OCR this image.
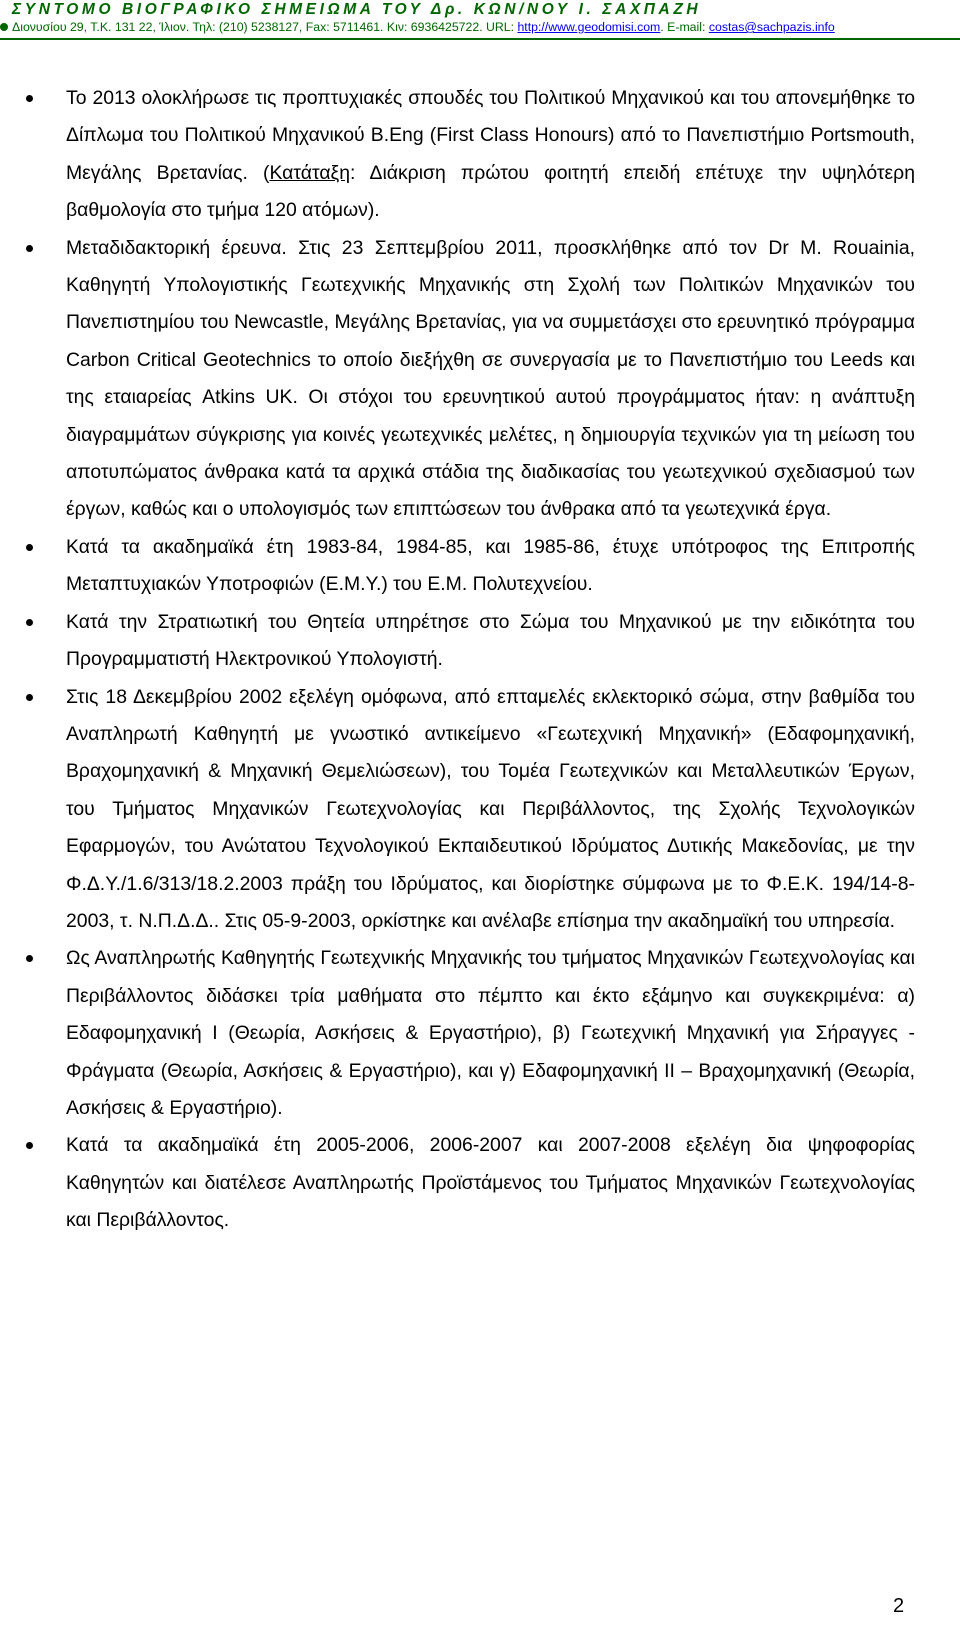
ΣΥΝΤΟΜΟ ΒΙΟΓΡΑΦΙΚΟ ΣΗΜΕΙΩΜΑ ΤΟΥ Δρ. ΚΩΝ/ΝΟΥ Ι. ΣΑΧΠΑΖΗ
Διονυσίου 29, Τ.Κ. 131 22, Ίλιον. Τηλ: (210) 5238127, Fax: 5711461. Κιν: 6936425722. URL: http://www.geodomisi.com. E-mail: costas@sachpazis.info
Το 2013 ολοκλήρωσε τις προπτυχιακές σπουδές του Πολιτικού Μηχανικού και του απονεμήθηκε το Δίπλωμα του Πολιτικού Μηχανικού B.Eng (First Class Honours) από το Πανεπιστήμιο Portsmouth, Μεγάλης Βρετανίας. (Κατάταξη: Διάκριση πρώτου φοιτητή επειδή επέτυχε την υψηλότερη βαθμολογία στο τμήμα 120 ατόμων).
Μεταδιδακτορική έρευνα. Στις 23 Σεπτεμβρίου 2011, προσκλήθηκε από τον Dr M. Rouainia, Καθηγητή Υπολογιστικής Γεωτεχνικής Μηχανικής στη Σχολή των Πολιτικών Μηχανικών του Πανεπιστημίου του Newcastle, Μεγάλης Βρετανίας, για να συμμετάσχει στο ερευνητικό πρόγραμμα Carbon Critical Geotechnics το οποίο διεξήχθη σε συνεργασία με το Πανεπιστήμιο του Leeds και της εταιαρείας Atkins UK. Οι στόχοι του ερευνητικού αυτού προγράμματος ήταν: η ανάπτυξη διαγραμμάτων σύγκρισης για κοινές γεωτεχνικές μελέτες, η δημιουργία τεχνικών για τη μείωση του αποτυπώματος άνθρακα κατά τα αρχικά στάδια της διαδικασίας του γεωτεχνικού σχεδιασμού των έργων, καθώς και ο υπολογισμός των επιπτώσεων του άνθρακα από τα γεωτεχνικά έργα.
Κατά τα ακαδημαϊκά έτη 1983-84, 1984-85, και 1985-86, έτυχε υπότροφος της Επιτροπής Μεταπτυχιακών Υποτροφιών (Ε.Μ.Υ.) του Ε.Μ. Πολυτεχνείου.
Κατά την Στρατιωτική του Θητεία υπηρέτησε στο Σώμα του Μηχανικού με την ειδικότητα του Προγραμματιστή Ηλεκτρονικού Υπολογιστή.
Στις 18 Δεκεμβρίου 2002 εξελέγη ομόφωνα, από επταμελές εκλεκτορικό σώμα, στην βαθμίδα του Αναπληρωτή Καθηγητή με γνωστικό αντικείμενο «Γεωτεχνική Μηχανική» (Εδαφομηχανική, Βραχομηχανική & Μηχανική Θεμελιώσεων), του Τομέα Γεωτεχνικών και Μεταλλευτικών Έργων, του Τμήματος Μηχανικών Γεωτεχνολογίας και Περιβάλλοντος, της Σχολής Τεχνολογικών Εφαρμογών, του Ανώτατου Τεχνολογικού Εκπαιδευτικού Ιδρύματος Δυτικής Μακεδονίας, με την Φ.Δ.Υ./1.6/313/18.2.2003 πράξη του Ιδρύματος, και διορίστηκε σύμφωνα με το Φ.Ε.Κ. 194/14-8-2003, τ. Ν.Π.Δ.Δ.. Στις 05-9-2003, ορκίστηκε και ανέλαβε επίσημα την ακαδημαϊκή του υπηρεσία.
Ως Αναπληρωτής Καθηγητής Γεωτεχνικής Μηχανικής του τμήματος Μηχανικών Γεωτεχνολογίας και Περιβάλλοντος διδάσκει τρία μαθήματα στο πέμπτο και έκτο εξάμηνο και συγκεκριμένα: α) Εδαφομηχανική Ι (Θεωρία, Ασκήσεις & Εργαστήριο), β) Γεωτεχνική Μηχανική για Σήραγγες - Φράγματα (Θεωρία, Ασκήσεις & Εργαστήριο), και γ) Εδαφομηχανική ΙΙ – Βραχομηχανική (Θεωρία, Ασκήσεις & Εργαστήριο).
Κατά τα ακαδημαϊκά έτη 2005-2006, 2006-2007 και 2007-2008 εξελέγη δια ψηφοφορίας Καθηγητών και διατέλεσε Αναπληρωτής Προϊστάμενος του Τμήματος Μηχανικών Γεωτεχνολογίας και Περιβάλλοντος.
2
